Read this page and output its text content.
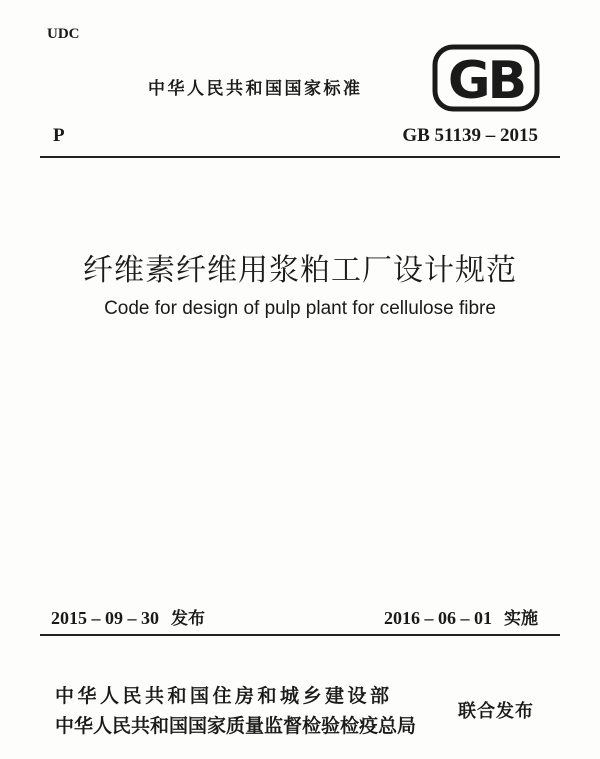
UDC
中华人民共和国国家标准 GB
P	GB 51139 – 2015
纤维素纤维用浆粕工厂设计规范
Code for design of pulp plant for cellulose fibre
2015 – 09 – 30 发布	2016 – 06 – 01 实施
中华人民共和国住房和城乡建设部
中华人民共和国国家质量监督检验检疫总局
联合发布
